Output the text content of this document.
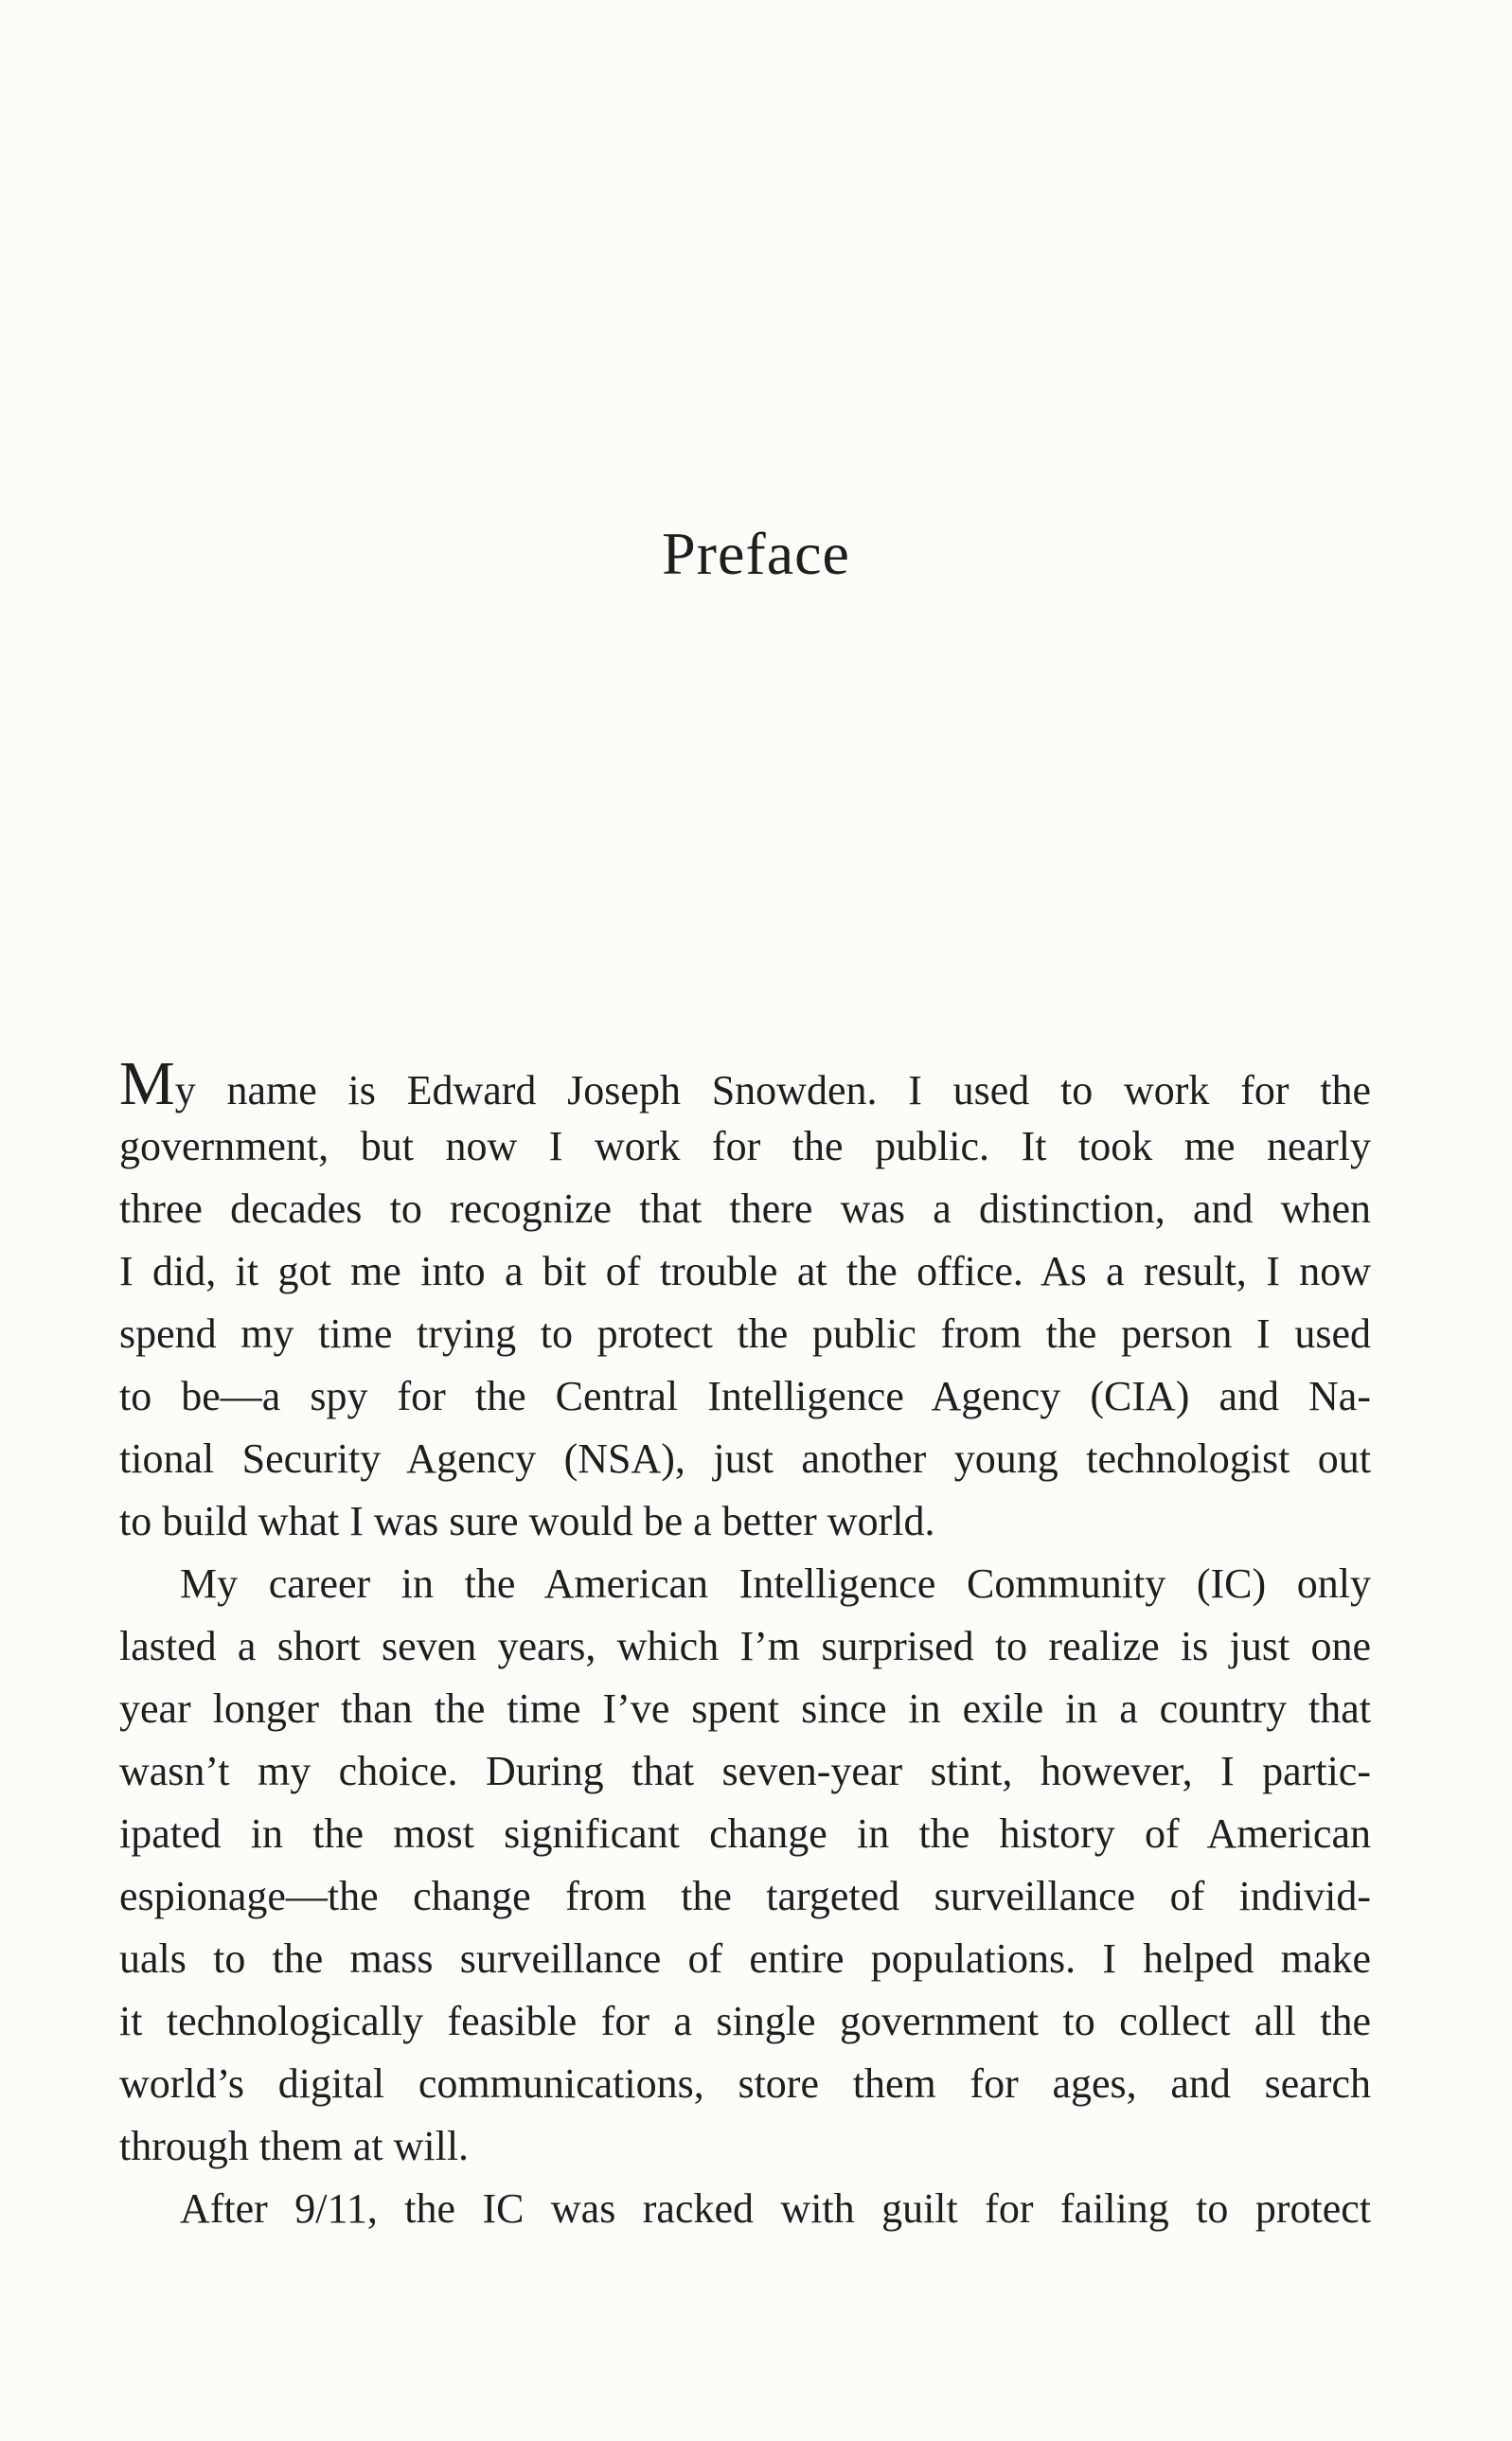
Preface
My name is Edward Joseph Snowden. I used to work for the
government, but now I work for the public. It took me nearly
three decades to recognize that there was a distinction, and when
I did, it got me into a bit of trouble at the office. As a result, I now
spend my time trying to protect the public from the person I used
to be—a spy for the Central Intelligence Agency (CIA) and Na-
tional Security Agency (NSA), just another young technologist out
to build what I was sure would be a better world.
My career in the American Intelligence Community (IC) only
lasted a short seven years, which I’m surprised to realize is just one
year longer than the time I’ve spent since in exile in a country that
wasn’t my choice. During that seven-year stint, however, I partic-
ipated in the most significant change in the history of American
espionage—the change from the targeted surveillance of individ-
uals to the mass surveillance of entire populations. I helped make
it technologically feasible for a single government to collect all the
world’s digital communications, store them for ages, and search
through them at will.
After 9/11, the IC was racked with guilt for failing to protect
